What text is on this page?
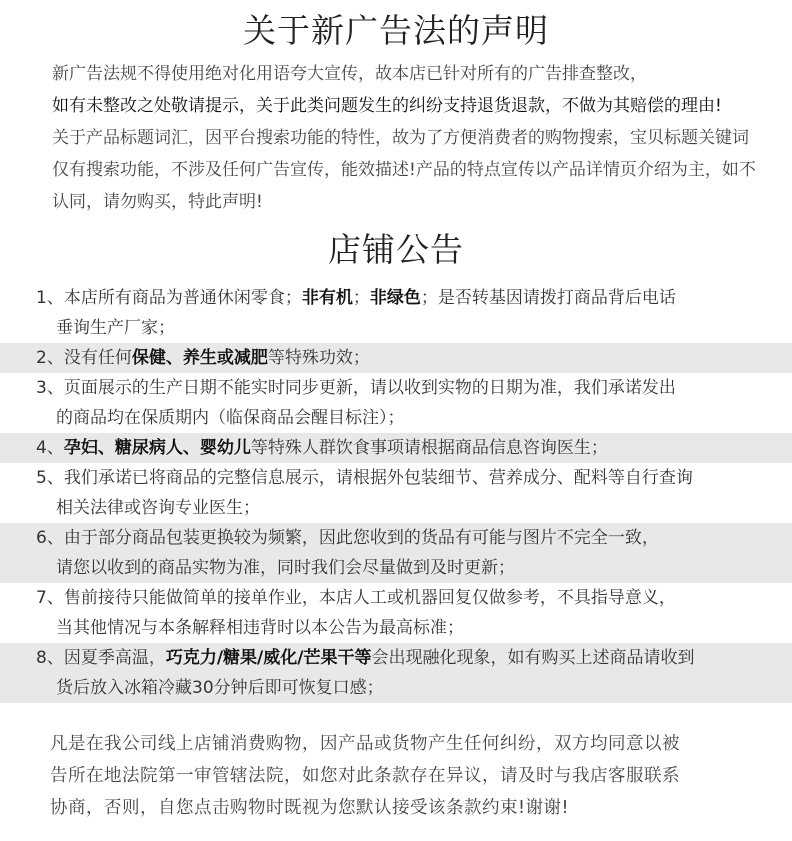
关于新广告法的声明
新广告法规不得使用绝对化用语夸大宣传，故本店已针对所有的广告排查整改，
如有未整改之处敬请提示，关于此类问题发生的纠纷支持退货退款，不做为其赔偿的理由!
关于产品标题词汇，因平台搜索功能的特性，故为了方便消费者的购物搜索，宝贝标题关键词
仅有搜索功能，不涉及任何广告宣传，能效描述!产品的特点宣传以产品详情页介绍为主，如不
认同，请勿购买，特此声明!
店铺公告
1、本店所有商品为普通休闲零食；非有机；非绿色；是否转基因请拨打商品背后电话
垂询生产厂家；
2、没有任何保健、养生或减肥等特殊功效；
3、页面展示的生产日期不能实时同步更新，请以收到实物的日期为准，我们承诺发出
的商品均在保质期内（临保商品会醒目标注）；
4、孕妇、糖尿病人、婴幼儿等特殊人群饮食事项请根据商品信息咨询医生；
5、我们承诺已将商品的完整信息展示，请根据外包装细节、营养成分、配料等自行查询
相关法律或咨询专业医生；
6、由于部分商品包装更换较为频繁，因此您收到的货品有可能与图片不完全一致，
请您以收到的商品实物为准，同时我们会尽量做到及时更新；
7、售前接待只能做简单的接单作业，本店人工或机器回复仅做参考，不具指导意义，
当其他情况与本条解释相违背时以本公告为最高标准；
8、因夏季高温，巧克力/糖果/威化/芒果干等会出现融化现象，如有购买上述商品请收到
货后放入冰箱冷藏30分钟后即可恢复口感；
凡是在我公司线上店铺消费购物，因产品或货物产生任何纠纷，双方均同意以被
告所在地法院第一审管辖法院，如您对此条款存在异议，请及时与我店客服联系
协商，否则，自您点击购物时既视为您默认接受该条款约束!谢谢!
